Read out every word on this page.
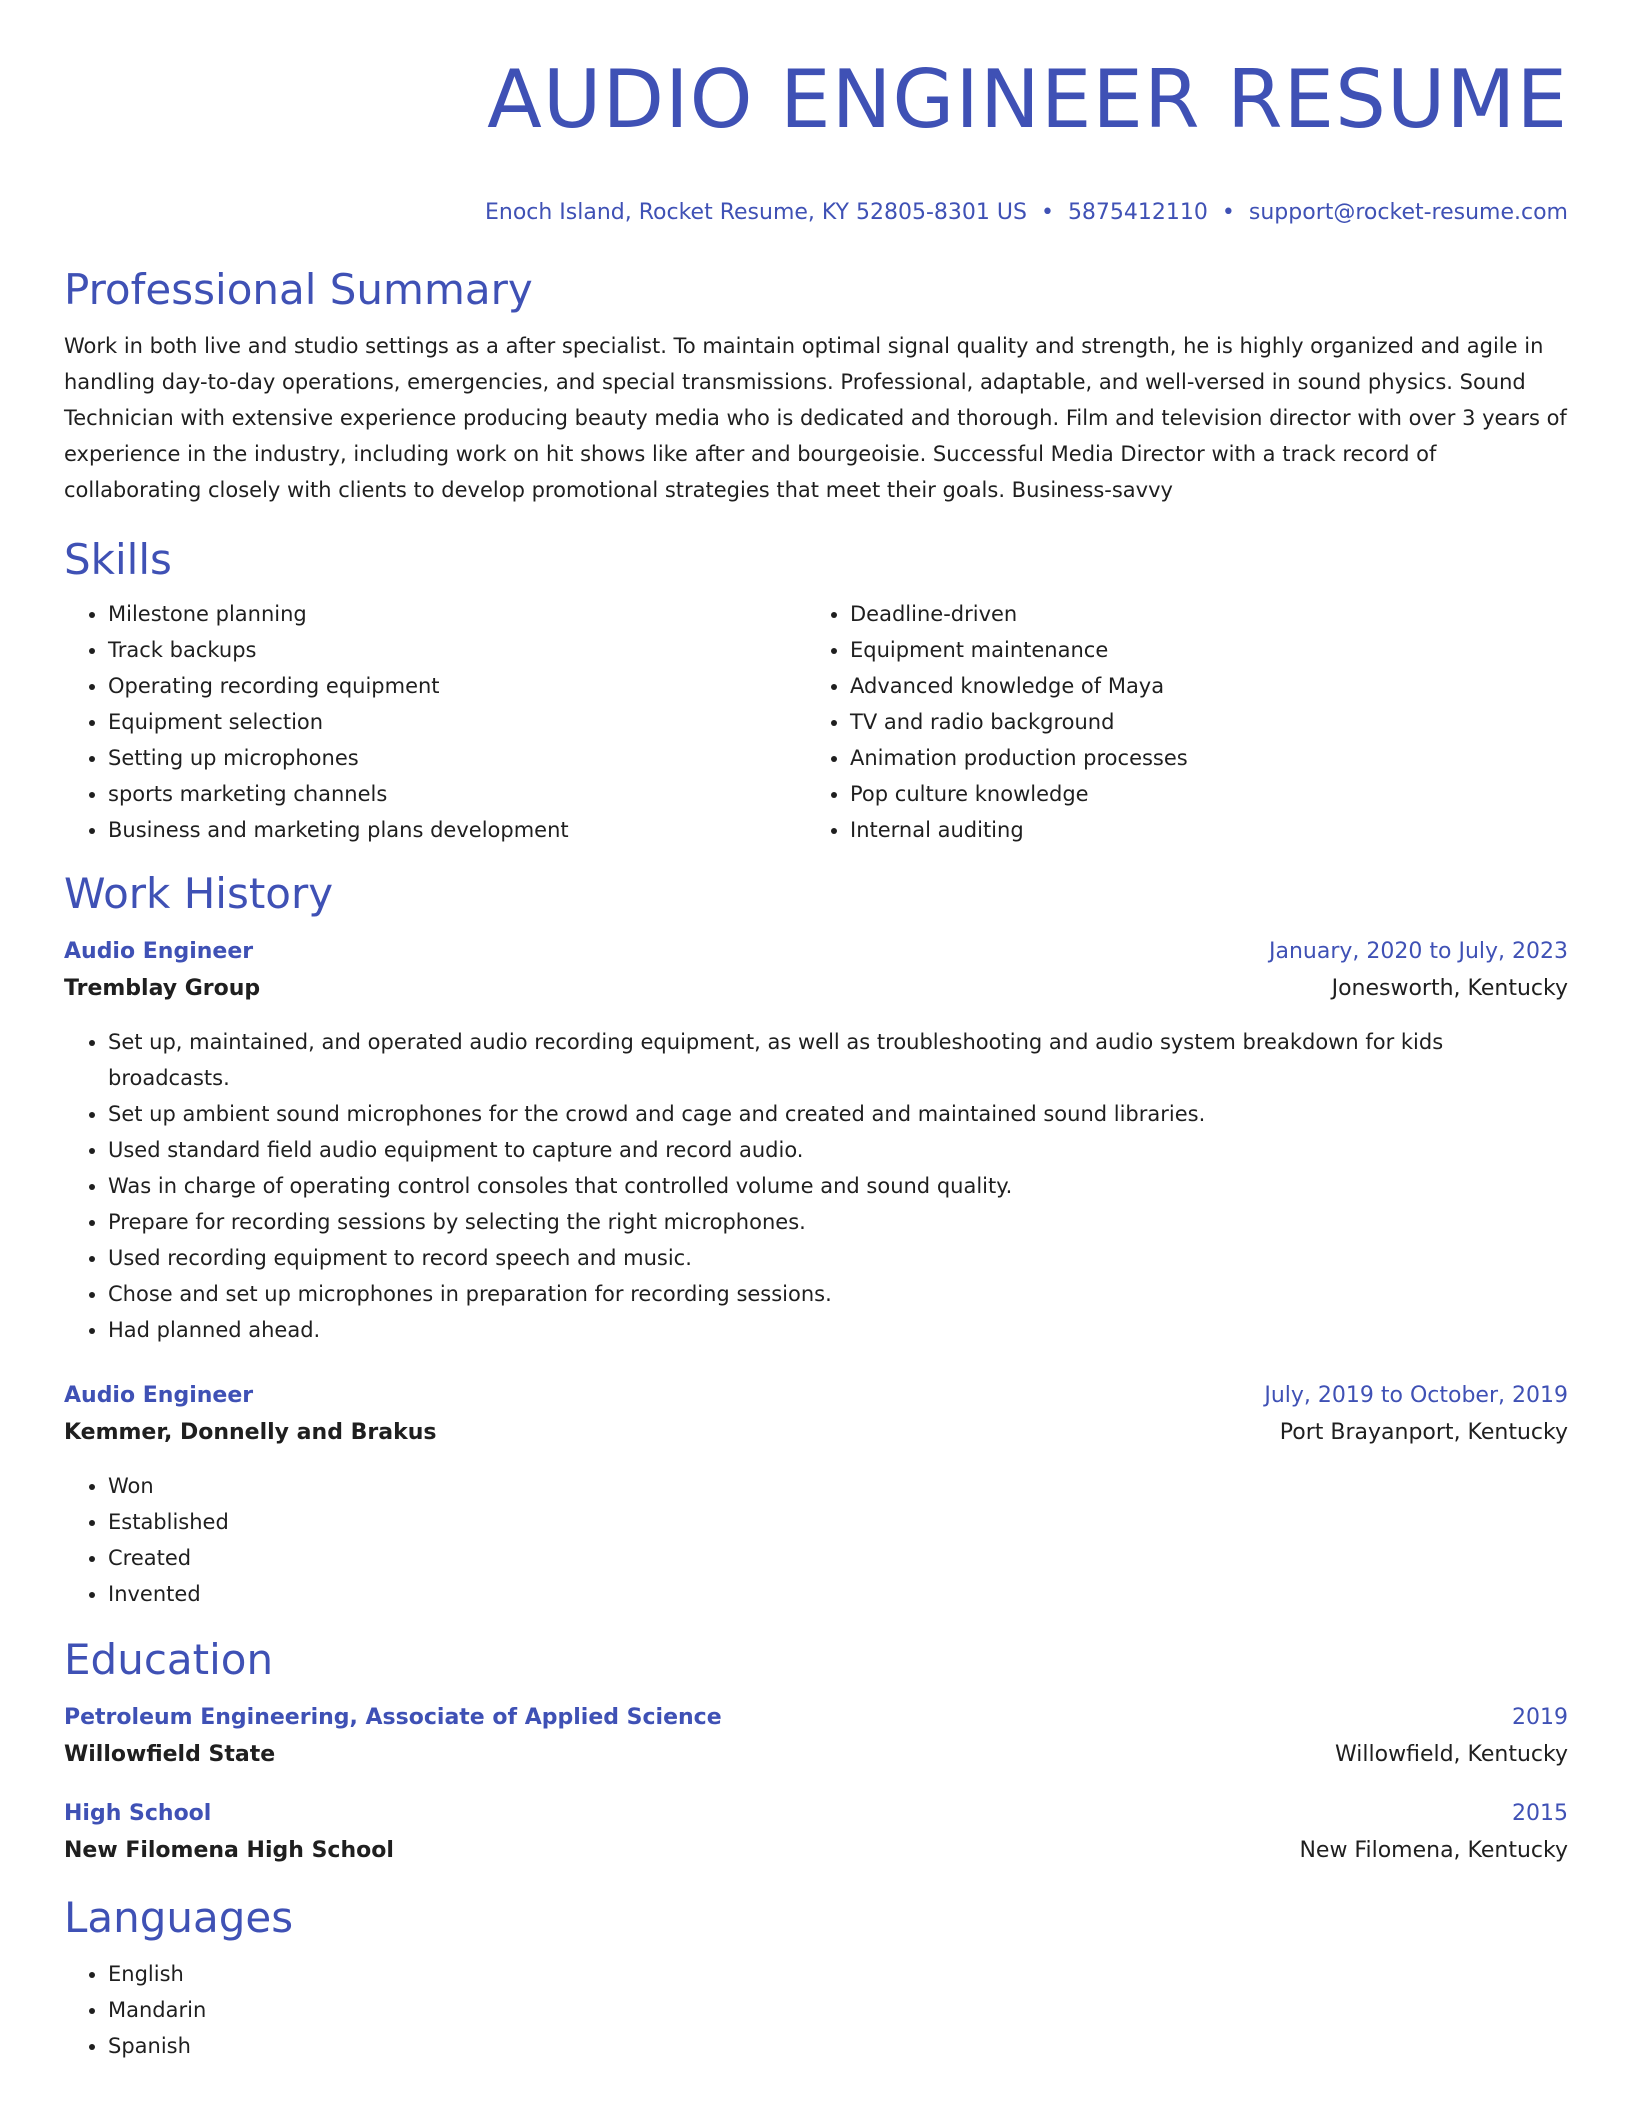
AUDIO ENGINEER RESUME
Enoch Island, Rocket Resume, KY 52805-8301 US • 5875412110 • support@rocket-resume.com
Professional Summary

Work in both live and studio settings as a after specialist. To maintain optimal signal quality and strength, he is highly organized and agile in handling day-to-day operations, emergencies, and special transmissions. Professional, adaptable, and well-versed in sound physics. Sound Technician with extensive experience producing beauty media who is dedicated and thorough. Film and television director with over 3 years of experience in the industry, including work on hit shows like after and bourgeoisie. Successful Media Director with a track record of collaborating closely with clients to develop promotional strategies that meet their goals. Business-savvy

Skills
• Milestone planning
• Track backups
• Operating recording equipment
• Equipment selection
• Setting up microphones
• sports marketing channels
• Business and marketing plans development
• Deadline-driven
• Equipment maintenance
• Advanced knowledge of Maya
• TV and radio background
• Animation production processes
• Pop culture knowledge
• Internal auditing
Work History
Audio Engineer	January, 2020 to July, 2023
Tremblay Group	Jonesworth, Kentucky
• Set up, maintained, and operated audio recording equipment, as well as troubleshooting and audio system breakdown for kids broadcasts.
• Set up ambient sound microphones for the crowd and cage and created and maintained sound libraries.
• Used standard field audio equipment to capture and record audio.
• Was in charge of operating control consoles that controlled volume and sound quality.
• Prepare for recording sessions by selecting the right microphones.
• Used recording equipment to record speech and music.
• Chose and set up microphones in preparation for recording sessions.
• Had planned ahead.
Audio Engineer	July, 2019 to October, 2019
Kemmer, Donnelly and Brakus	Port Brayanport, Kentucky
• Won
• Established
• Created
• Invented
Education
Petroleum Engineering, Associate of Applied Science	2019
Willowfield State	Willowfield, Kentucky
High School	2015
New Filomena High School	New Filomena, Kentucky
Languages
• English
• Mandarin
• Spanish
